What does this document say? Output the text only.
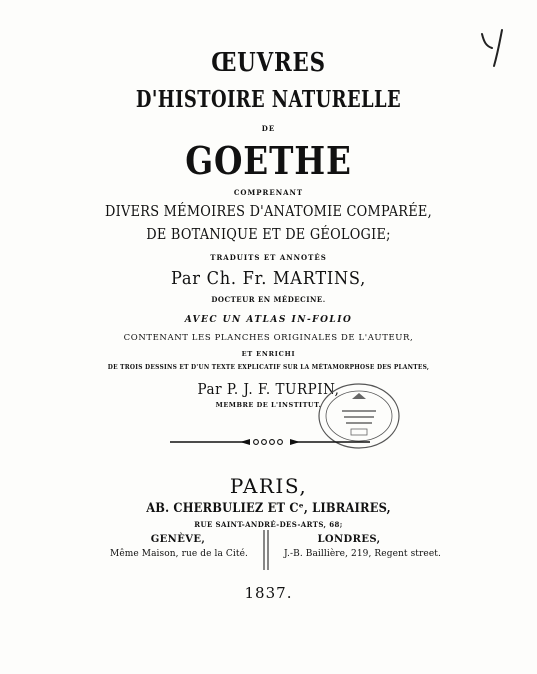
ŒUVRES

D'HISTOIRE NATURELLE

DE

GOETHE

COMPRENANT

DIVERS MÉMOIRES D'ANATOMIE COMPARÉE,

DE BOTANIQUE ET DE GÉOLOGIE;

TRADUITS ET ANNOTÉS

Par Ch. Fr. MARTINS,

DOCTEUR EN MÉDECINE.

AVEC UN ATLAS IN-FOLIO

CONTENANT LES PLANCHES ORIGINALES DE L'AUTEUR,

ET ENRICHI

DE TROIS DESSINS ET D'UN TEXTE EXPLICATIF SUR LA MÉTAMORPHOSE DES PLANTES,

Par P. J. F. TURPIN,

MEMBRE DE L'INSTITUT.

PARIS,

AB. CHERBULIEZ ET Cᵉ, LIBRAIRES,

RUE SAINT-ANDRÉ-DES-ARTS, 68;

GENÈVE,

Même Maison, rue de la Cité.

LONDRES,

J.-B. Baillière, 219, Regent street.

1837.
